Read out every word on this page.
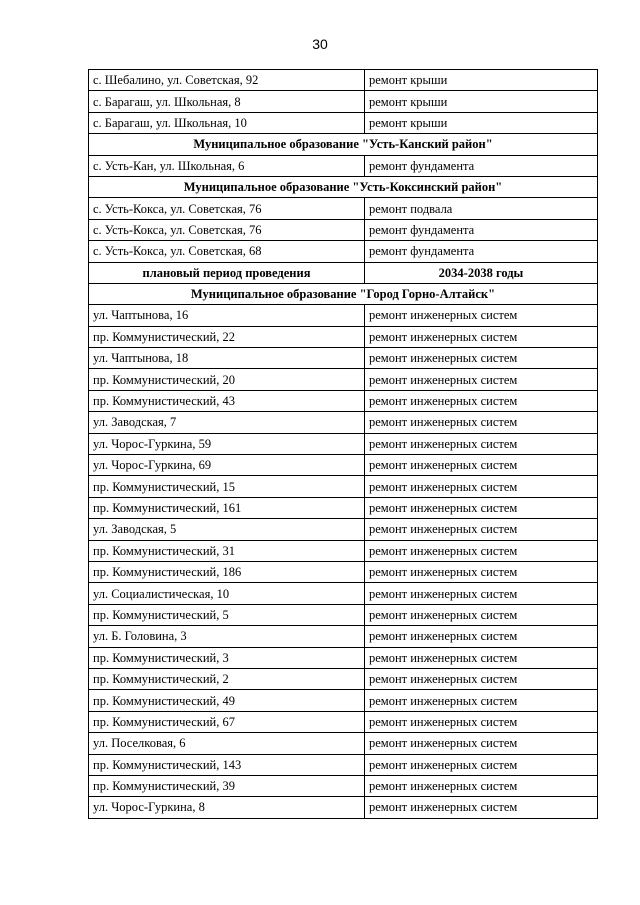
30
с. Шебалино, ул. Советская, 92	ремонт крыши
с. Барагаш, ул. Школьная, 8	ремонт крыши
с. Барагаш, ул. Школьная, 10	ремонт крыши
Муниципальное образование "Усть-Канский район"	
с. Усть-Кан, ул. Школьная, 6	ремонт фундамента
Муниципальное образование "Усть-Коксинский район"	
с. Усть-Кокса, ул. Советская, 76	ремонт подвала
с. Усть-Кокса, ул. Советская, 76	ремонт фундамента
с. Усть-Кокса, ул. Советская, 68	ремонт фундамента
плановый период проведения	2034-2038 годы
Муниципальное образование "Город Горно-Алтайск"	
ул. Чаптынова, 16	ремонт инженерных систем
пр. Коммунистический, 22	ремонт инженерных систем
ул. Чаптынова, 18	ремонт инженерных систем
пр. Коммунистический, 20	ремонт инженерных систем
пр. Коммунистический, 43	ремонт инженерных систем
ул. Заводская, 7	ремонт инженерных систем
ул. Чорос-Гуркина, 59	ремонт инженерных систем
ул. Чорос-Гуркина, 69	ремонт инженерных систем
пр. Коммунистический, 15	ремонт инженерных систем
пр. Коммунистический, 161	ремонт инженерных систем
ул. Заводская, 5	ремонт инженерных систем
пр. Коммунистический, 31	ремонт инженерных систем
пр. Коммунистический, 186	ремонт инженерных систем
ул. Социалистическая, 10	ремонт инженерных систем
пр. Коммунистический, 5	ремонт инженерных систем
ул. Б. Головина, 3	ремонт инженерных систем
пр. Коммунистический, 3	ремонт инженерных систем
пр. Коммунистический, 2	ремонт инженерных систем
пр. Коммунистический, 49	ремонт инженерных систем
пр. Коммунистический, 67	ремонт инженерных систем
ул. Поселковая, 6	ремонт инженерных систем
пр. Коммунистический, 143	ремонт инженерных систем
пр. Коммунистический, 39	ремонт инженерных систем
ул. Чорос-Гуркина, 8	ремонт инженерных систем
